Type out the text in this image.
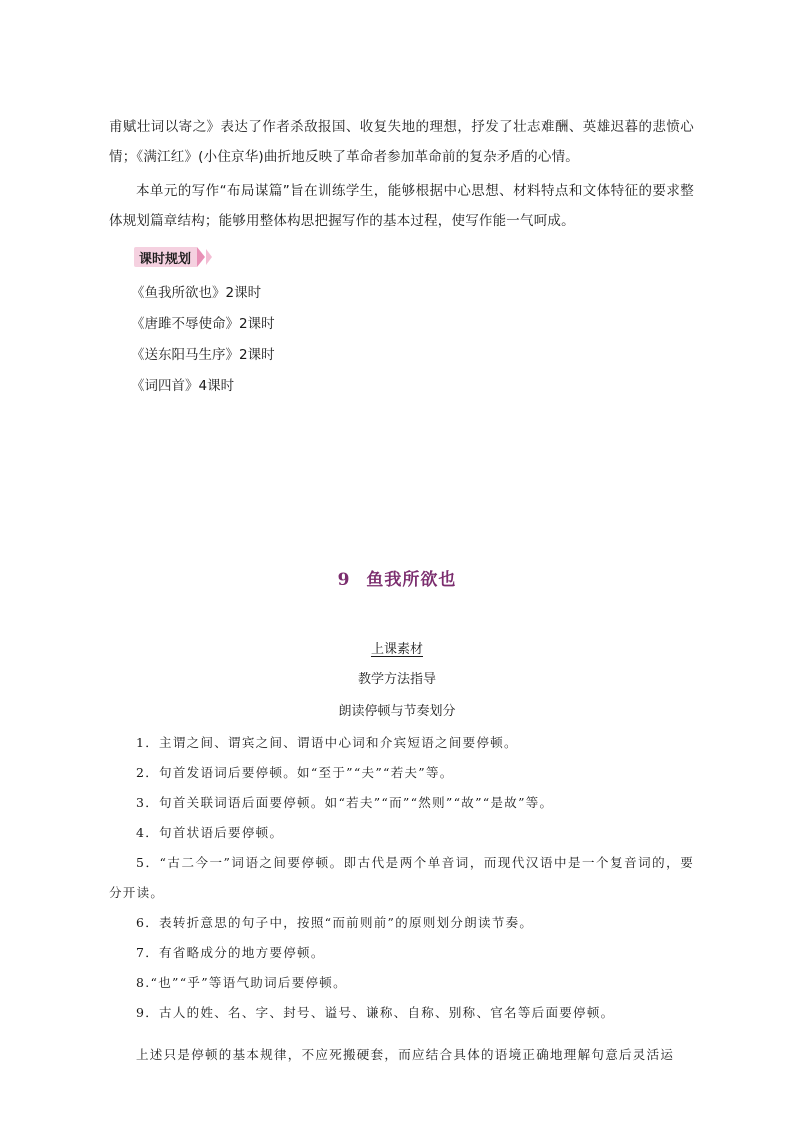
甫赋壮词以寄之》表达了作者杀敌报国、收复失地的理想，抒发了壮志难酬、英雄迟暮的悲愤心情；《满江红》(小住京华)曲折地反映了革命者参加革命前的复杂矛盾的心情。

本单元的写作“布局谋篇”旨在训练学生，能够根据中心思想、材料特点和文体特征的要求整体规划篇章结构；能够用整体构思把握写作的基本过程，使写作能一气呵成。

课时规划
《鱼我所欲也》2课时
《唐雎不辱使命》2课时
《送东阳马生序》2课时
《词四首》4课时
9 鱼我所欲也

上课素材

教学方法指导

朗读停顿与节奏划分

1．主谓之间、谓宾之间、谓语中心词和介宾短语之间要停顿。
2．句首发语词后要停顿。如“至于”“夫”“若夫”等。
3．句首关联词语后面要停顿。如“若夫”“而”“然则”“故”“是故”等。
4．句首状语后要停顿。
5．“古二今一”词语之间要停顿。即古代是两个单音词，而现代汉语中是一个复音词的，要分开读。
6．表转折意思的句子中，按照“而前则前”的原则划分朗读节奏。
7．有省略成分的地方要停顿。
8.“也”“乎”等语气助词后要停顿。
9．古人的姓、名、字、封号、谥号、谦称、自称、别称、官名等后面要停顿。

上述只是停顿的基本规律，不应死搬硬套，而应结合具体的语境正确地理解句意后灵活运
